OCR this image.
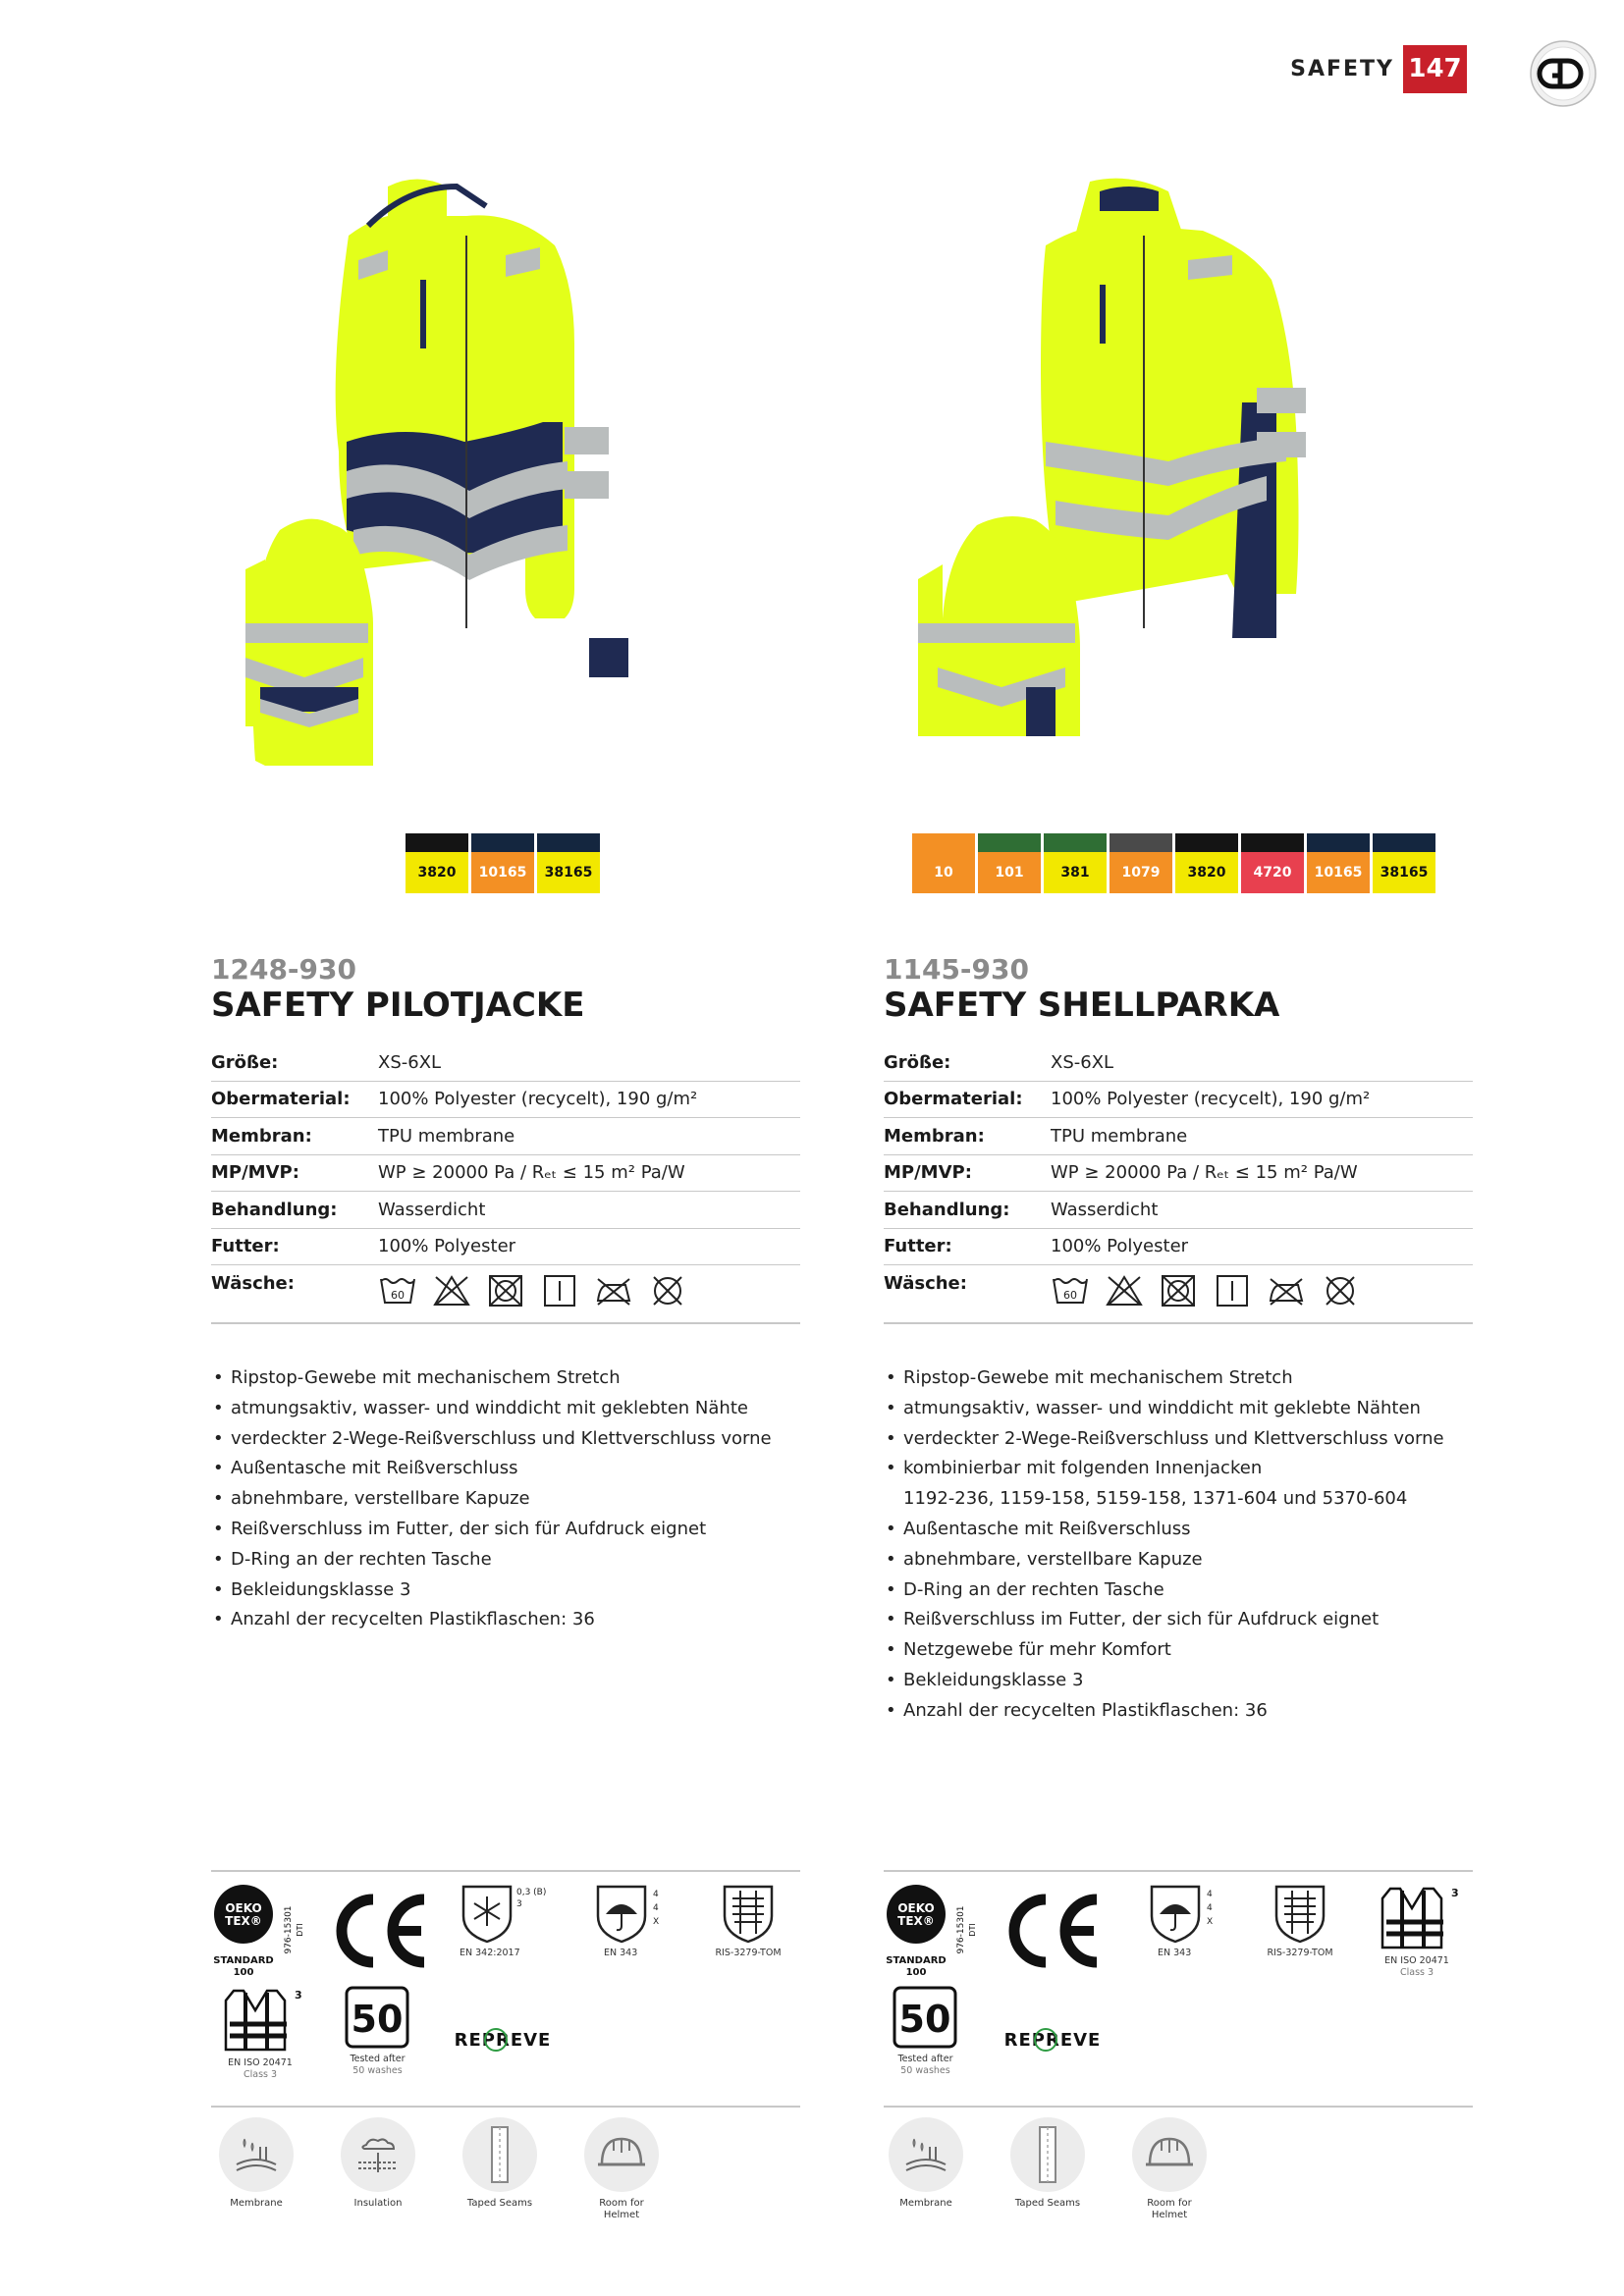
SAFETY 147
3820	10165	38165	10	101	381	1079	3820	4720	10165	38165
1248-930
SAFETY PILOTJACKE
Größe:	XS-6XL
Obermaterial:	100% Polyester (recycelt), 190 g/m²
Membran:	TPU membrane
MP/MVP:	WP ≥ 20000 Pa / Rₑₜ ≤ 15 m² Pa/W
Behandlung:	Wasserdicht
Futter:	100% Polyester
Wäsche:
60
• Ripstop-Gewebe mit mechanischem Stretch
• atmungsaktiv, wasser- und winddicht mit geklebten Nähte
• verdeckter 2-Wege-Reißverschluss und Klettverschluss vorne
• Außentasche mit Reißverschluss
• abnehmbare, verstellbare Kapuze
• Reißverschluss im Futter, der sich für Aufdruck eignet
• D-Ring an der rechten Tasche
• Bekleidungsklasse 3
• Anzahl der recycelten Plastikflaschen: 36
1145-930
SAFETY SHELLPARKA
Größe:	XS-6XL
Obermaterial:	100% Polyester (recycelt), 190 g/m²
Membran:	TPU membrane
MP/MVP:	WP ≥ 20000 Pa / Rₑₜ ≤ 15 m² Pa/W
Behandlung:	Wasserdicht
Futter:	100% Polyester
Wäsche:
60
• Ripstop-Gewebe mit mechanischem Stretch
• atmungsaktiv, wasser- und winddicht mit geklebte Nähten
• verdeckter 2-Wege-Reißverschluss und Klettverschluss vorne
• kombinierbar mit folgenden Innenjacken
1192-236, 1159-158, 5159-158, 1371-604 und 5370-604
• Außentasche mit Reißverschluss
• abnehmbare, verstellbare Kapuze
• D-Ring an der rechten Tasche
• Reißverschluss im Futter, der sich für Aufdruck eignet
• Netzgewebe für mehr Komfort
• Bekleidungsklasse 3
• Anzahl der recycelten Plastikflaschen: 36
OEKO
TEX®
STANDARD
100
976-15301 DTI
0,3 (B)
3
EN 342:2017
4
4
X
EN 343	RIS-3279-TOM
3
EN ISO 20471
Class 3
50
Tested after
50 washes
REPREVE
Membrane	Insulation	Taped Seams	Room for Helmet
OEKO
TEX®
STANDARD
100
976-15301 DTI
4
4
X
EN 343	RIS-3279-TOM
3
EN ISO 20471
Class 3
50
Tested after
50 washes
REPREVE
Membrane	Taped Seams	Room for Helmet
